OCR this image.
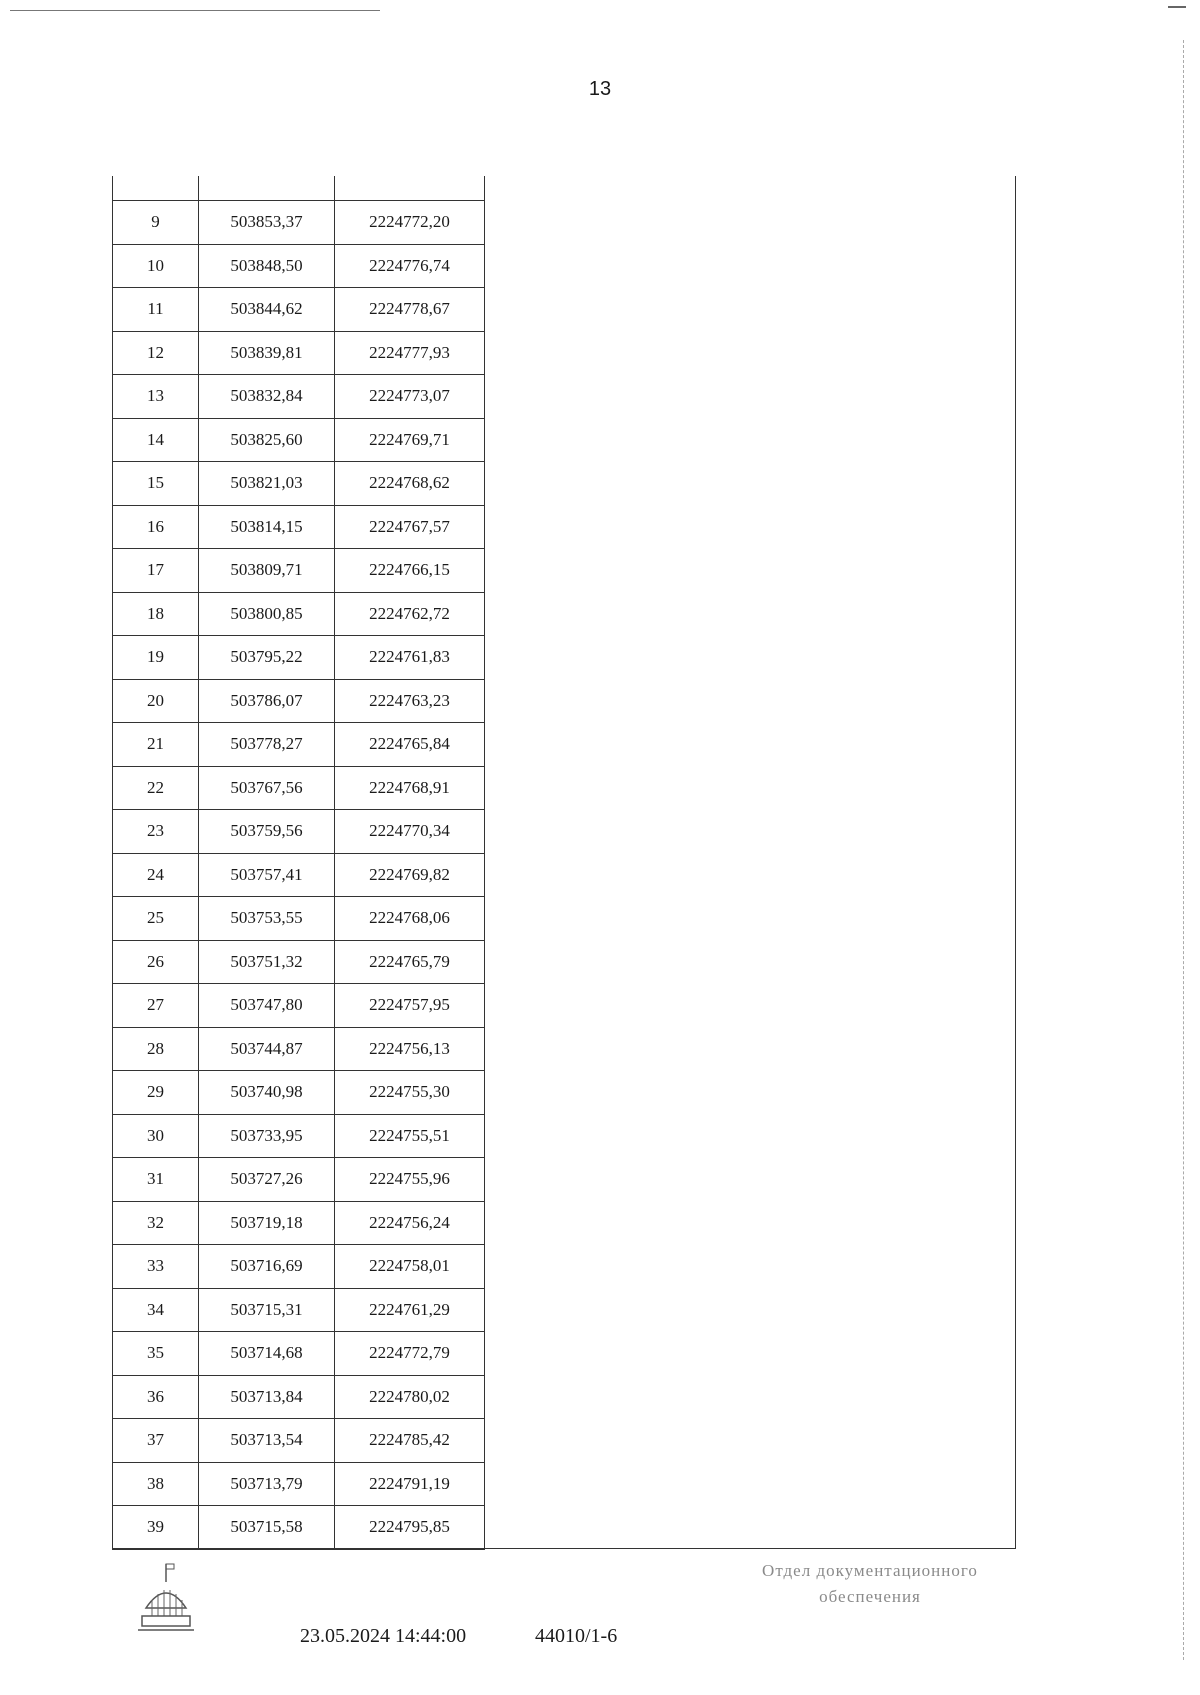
13

9	503853,37	2224772,20
10	503848,50	2224776,74
11	503844,62	2224778,67
12	503839,81	2224777,93
13	503832,84	2224773,07
14	503825,60	2224769,71
15	503821,03	2224768,62
16	503814,15	2224767,57
17	503809,71	2224766,15
18	503800,85	2224762,72
19	503795,22	2224761,83
20	503786,07	2224763,23
21	503778,27	2224765,84
22	503767,56	2224768,91
23	503759,56	2224770,34
24	503757,41	2224769,82
25	503753,55	2224768,06
26	503751,32	2224765,79
27	503747,80	2224757,95
28	503744,87	2224756,13
29	503740,98	2224755,30
30	503733,95	2224755,51
31	503727,26	2224755,96
32	503719,18	2224756,24
33	503716,69	2224758,01
34	503715,31	2224761,29
35	503714,68	2224772,79
36	503713,84	2224780,02
37	503713,54	2224785,42
38	503713,79	2224791,19
39	503715,58	2224795,85
23.05.2024 14:44:00	44010/1-6
Отдел документационного
обеспечения
